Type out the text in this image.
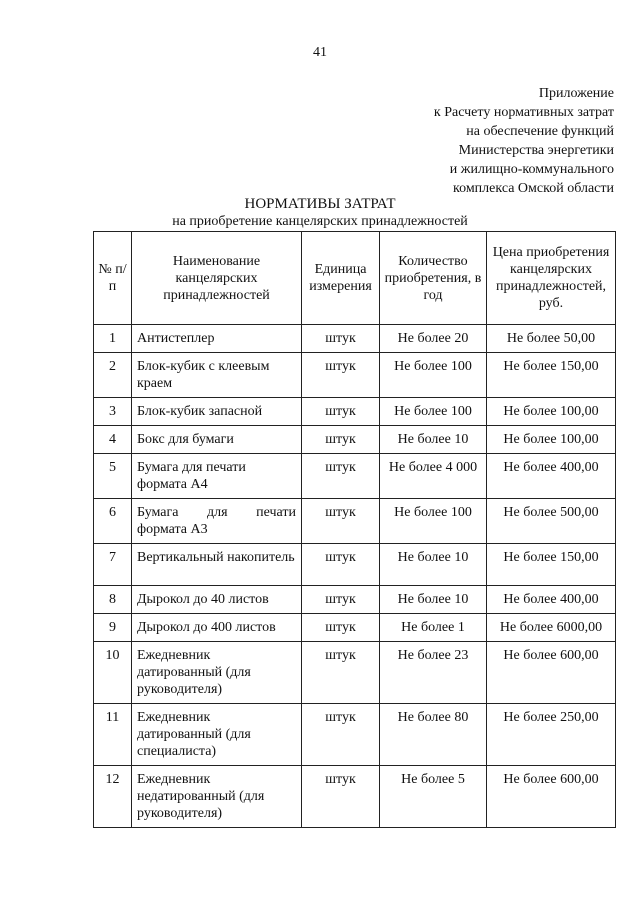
41
Приложение
к Расчету нормативных затрат
на обеспечение функций
Министерства энергетики
и жилищно-коммунального
комплекса Омской области
НОРМАТИВЫ ЗАТРАТ
на приобретение канцелярских принадлежностей
№ п/п	Наименование канцелярских принадлежностей	Единица измерения	Количество приобретения, в год	Цена приобретения канцелярских принадлежностей, руб.
1	Антистеплер	штук	Не более 20	Не более 50,00
2	Блок-кубик с клеевым краем	штук	Не более 100	Не более 150,00
3	Блок-кубик запасной	штук	Не более 100	Не более 100,00
4	Бокс для бумаги	штук	Не более 10	Не более 100,00
5	Бумага для печати формата А4	штук	Не более 4 000	Не более 400,00
6	Бумага для печати формата А3	штук	Не более 100	Не более 500,00
7	Вертикальный накопитель	штук	Не более 10	Не более 150,00
8	Дырокол до 40 листов	штук	Не более 10	Не более 400,00
9	Дырокол до 400 листов	штук	Не более 1	Не более 6000,00
10	Ежедневник датированный (для руководителя)	штук	Не более 23	Не более 600,00
11	Ежедневник датированный (для специалиста)	штук	Не более 80	Не более 250,00
12	Ежедневник недатированный (для руководителя)	штук	Не более 5	Не более 600,00
